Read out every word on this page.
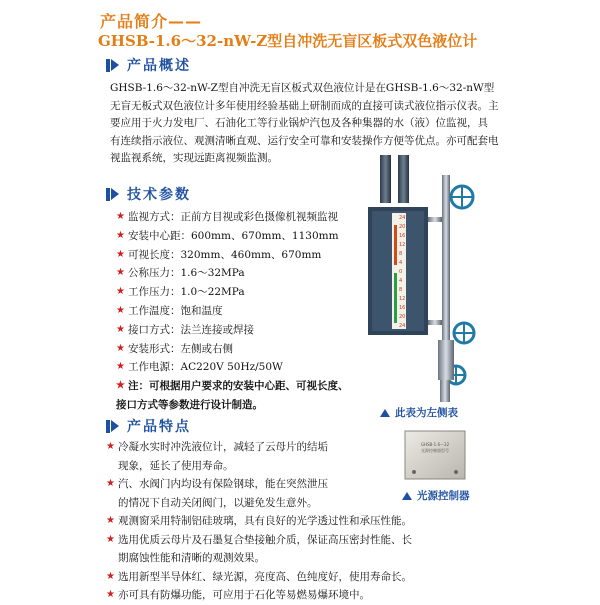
产品简介——
GHSB-1.6～32-nW-Z型自冲洗无盲区板式双色液位计
产品概述
GHSB-1.6～32-nW-Z型自冲洗无盲区板式双色液位计是在GHSB-1.6～32-nW型
无盲无板式双色液位计多年使用经验基础上研制而成的直接可读式液位指示仪表。主
要应用于火力发电厂、石油化工等行业锅炉汽包及各种集器的水（液）位监视，具
有连续指示液位、观测清晰直观、运行安全可靠和安装操作方便等优点。亦可配套电
视监视系统，实现远距离视频监测。
技术参数
★ 监视方式： 正前方目视或彩色摄像机视频监视
★ 安装中心距： 600mm、670mm、1130mm
★ 可视长度： 320mm、460mm、670mm
★ 公称压力： 1.6～32MPa
★ 工作压力： 1.0～22MPa
★ 工作温度： 饱和温度
★ 接口方式： 法兰连接或焊接
★ 安装形式： 左侧或右侧
★ 工作电源： AC220V 50Hz/50W
★ 注：可根据用户要求的安装中心距、可视长度、
接口方式等参数进行设计制造。
产品特点
★ 冷凝水实时冲洗液位计，减轻了云母片的结垢
现象，延长了使用寿命。
★ 汽、水阀门内均设有保险钢球，能在突然泄压
的情况下自动关闭阀门，以避免发生意外。
★ 观测窗采用特制铝硅玻璃，具有良好的光学透过性和承压性能。
★ 选用优质云母片及石墨复合垫接触介质，保证高压密封性能、长
期腐蚀性能和清晰的观测效果。
★ 选用新型半导体红、绿光源，亮度高、色纯度好，使用寿命长。
★ 亦可具有防爆功能，可应用于石化等易燃易爆环境中。
24
20
16
12
8
4
0
4
8
12
16
20
24
此表为左侧表
GHSB-1.6～32
光源控制器型号
光源控制器
